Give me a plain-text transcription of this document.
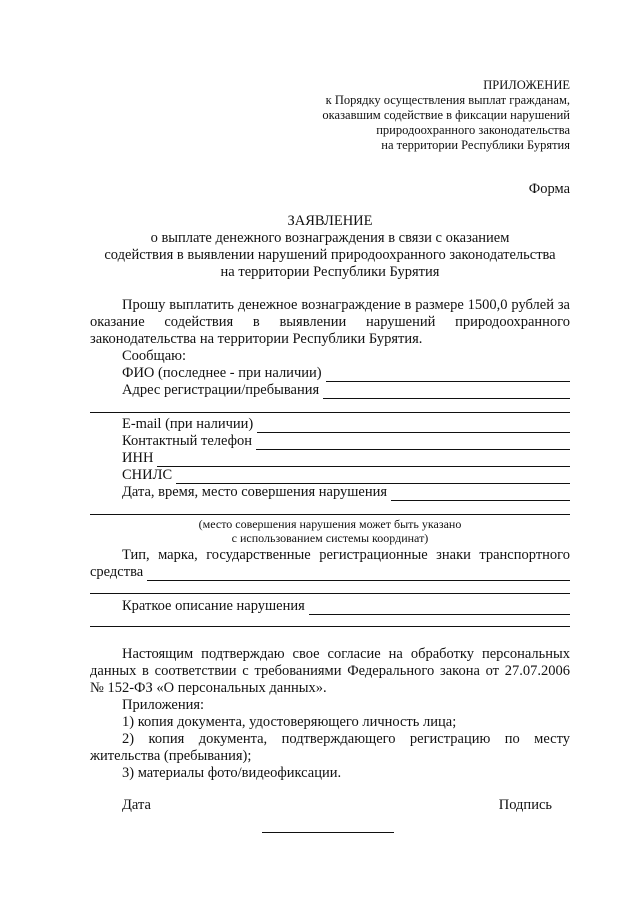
ПРИЛОЖЕНИЕ
к Порядку осуществления выплат гражданам,
оказавшим содействие в фиксации нарушений
природоохранного законодательства
на территории Республики Бурятия
Форма
ЗАЯВЛЕНИЕ
о выплате денежного вознаграждения в связи с оказанием
содействия в выявлении нарушений природоохранного законодательства
на территории Республики Бурятия
Прошу выплатить денежное вознаграждение в размере 1500,0 рублей за оказание содействия в выявлении нарушений природоохранного законодательства на территории Республики Бурятия.
Сообщаю:
ФИО (последнее - при наличии)
Адрес регистрации/пребывания
E-mail (при наличии)
Контактный телефон
ИНН
СНИЛС
Дата, время, место совершения нарушения
(место совершения нарушения может быть указано
с использованием системы координат)
Тип, марка, государственные регистрационные знаки транспортного
средства
Краткое описание нарушения
Настоящим подтверждаю свое согласие на обработку персональных данных в соответствии с требованиями Федерального закона от 27.07.2006 № 152-ФЗ «О персональных данных».
Приложения:
1) копия документа, удостоверяющего личность лица;
2) копия документа, подтверждающего регистрацию по месту жительства (пребывания);
3) материалы фото/видеофиксации.
Дата	Подпись
